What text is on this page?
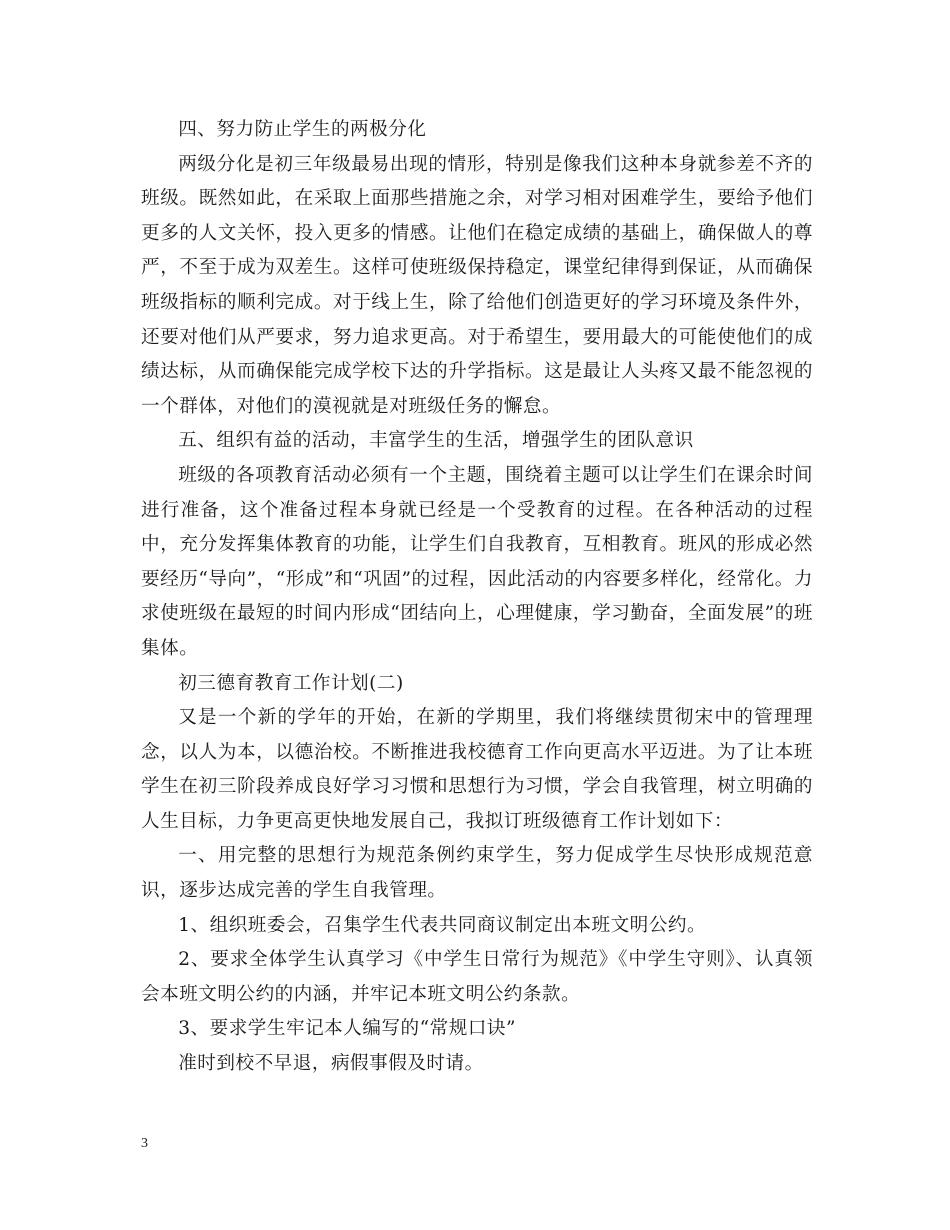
四、努力防止学生的两极分化

两级分化是初三年级最易出现的情形，特别是像我们这种本身就参差不齐的班级。既然如此，在采取上面那些措施之余，对学习相对困难学生，要给予他们更多的人文关怀，投入更多的情感。让他们在稳定成绩的基础上，确保做人的尊严，不至于成为双差生。这样可使班级保持稳定，课堂纪律得到保证，从而确保班级指标的顺利完成。对于线上生，除了给他们创造更好的学习环境及条件外，还要对他们从严要求，努力追求更高。对于希望生，要用最大的可能使他们的成绩达标，从而确保能完成学校下达的升学指标。这是最让人头疼又最不能忽视的一个群体，对他们的漠视就是对班级任务的懈怠。

五、组织有益的活动，丰富学生的生活，增强学生的团队意识

班级的各项教育活动必须有一个主题，围绕着主题可以让学生们在课余时间进行准备，这个准备过程本身就已经是一个受教育的过程。在各种活动的过程中，充分发挥集体教育的功能，让学生们自我教育，互相教育。班风的形成必然要经历“导向”，“形成”和“巩固”的过程，因此活动的内容要多样化，经常化。力求使班级在最短的时间内形成“团结向上，心理健康，学习勤奋，全面发展”的班集体。

初三德育教育工作计划(二)

又是一个新的学年的开始，在新的学期里，我们将继续贯彻宋中的管理理念，以人为本，以德治校。不断推进我校德育工作向更高水平迈进。为了让本班学生在初三阶段养成良好学习习惯和思想行为习惯，学会自我管理，树立明确的人生目标，力争更高更快地发展自己，我拟订班级德育工作计划如下：

一、用完整的思想行为规范条例约束学生，努力促成学生尽快形成规范意识，逐步达成完善的学生自我管理。

1、组织班委会，召集学生代表共同商议制定出本班文明公约。

2、要求全体学生认真学习《中学生日常行为规范》《中学生守则》、认真领会本班文明公约的内涵，并牢记本班文明公约条款。

3、要求学生牢记本人编写的“常规口诀”

准时到校不早退，病假事假及时请。

3
